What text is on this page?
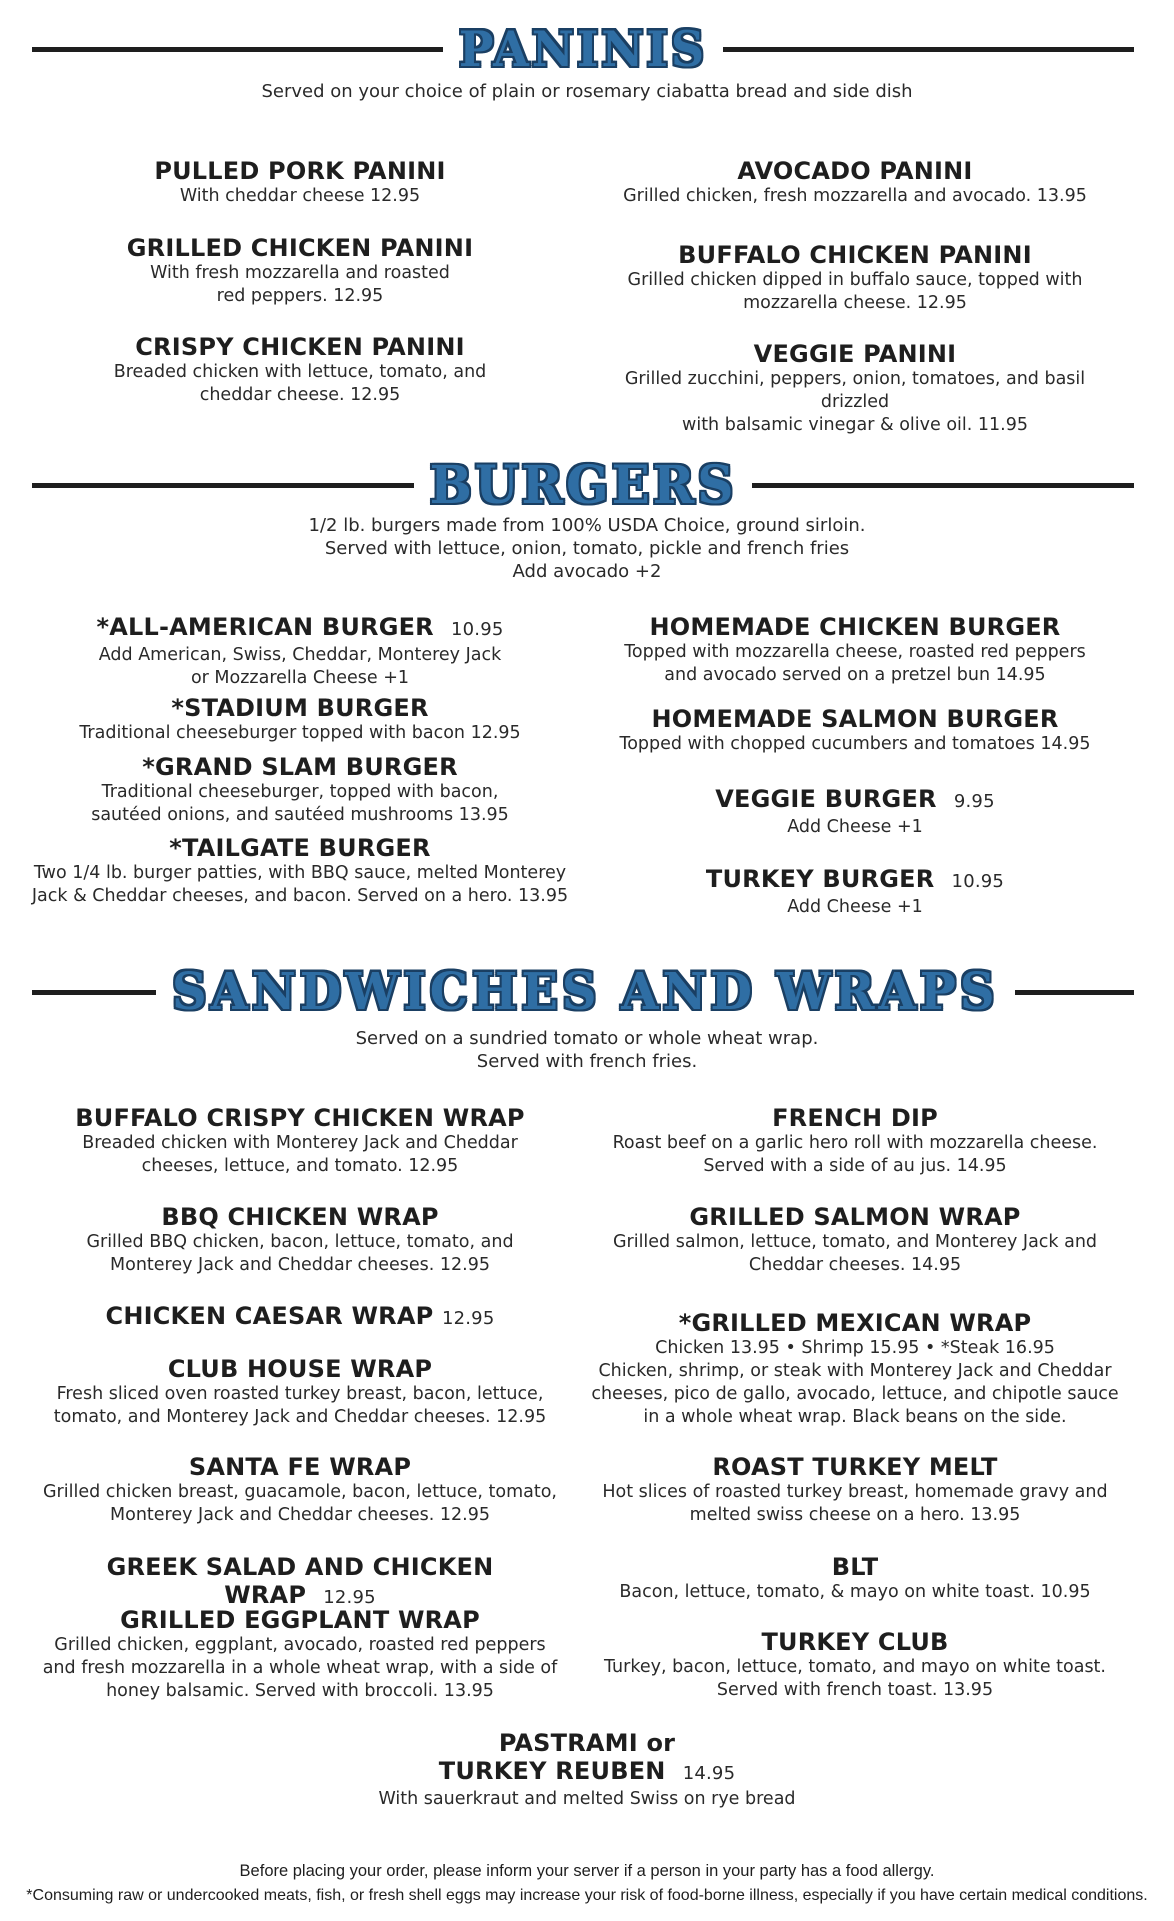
PANINIS
Served on your choice of plain or rosemary ciabatta bread and side dish
PULLED PORK PANINI
With cheddar cheese 12.95
GRILLED CHICKEN PANINI
With fresh mozzarella and roasted
red peppers. 12.95
CRISPY CHICKEN PANINI
Breaded chicken with lettuce, tomato, and
cheddar cheese. 12.95
AVOCADO PANINI
Grilled chicken, fresh mozzarella and avocado. 13.95
BUFFALO CHICKEN PANINI
Grilled chicken dipped in buffalo sauce, topped with
mozzarella cheese. 12.95
VEGGIE PANINI
Grilled zucchini, peppers, onion, tomatoes, and basil drizzled
with balsamic vinegar & olive oil. 11.95
BURGERS
1/2 lb. burgers made from 100% USDA Choice, ground sirloin.
Served with lettuce, onion, tomato, pickle and french fries
Add avocado +2
*ALL-AMERICAN BURGER 10.95
Add American, Swiss, Cheddar, Monterey Jack
or Mozzarella Cheese +1
*STADIUM BURGER
Traditional cheeseburger topped with bacon 12.95
*GRAND SLAM BURGER
Traditional cheeseburger, topped with bacon,
sautéed onions, and sautéed mushrooms 13.95
*TAILGATE BURGER
Two 1/4 lb. burger patties, with BBQ sauce, melted Monterey
Jack & Cheddar cheeses, and bacon. Served on a hero. 13.95
HOMEMADE CHICKEN BURGER
Topped with mozzarella cheese, roasted red peppers
and avocado served on a pretzel bun 14.95
HOMEMADE SALMON BURGER
Topped with chopped cucumbers and tomatoes 14.95
VEGGIE BURGER 9.95
Add Cheese +1
TURKEY BURGER 10.95
Add Cheese +1
SANDWICHES AND WRAPS
Served on a sundried tomato or whole wheat wrap.
Served with french fries.
BUFFALO CRISPY CHICKEN WRAP
Breaded chicken with Monterey Jack and Cheddar
cheeses, lettuce, and tomato. 12.95
BBQ CHICKEN WRAP
Grilled BBQ chicken, bacon, lettuce, tomato, and
Monterey Jack and Cheddar cheeses. 12.95
CHICKEN CAESAR WRAP 12.95
CLUB HOUSE WRAP
Fresh sliced oven roasted turkey breast, bacon, lettuce,
tomato, and Monterey Jack and Cheddar cheeses. 12.95
SANTA FE WRAP
Grilled chicken breast, guacamole, bacon, lettuce, tomato,
Monterey Jack and Cheddar cheeses. 12.95
GREEK SALAD AND CHICKEN WRAP 12.95
GRILLED EGGPLANT WRAP
Grilled chicken, eggplant, avocado, roasted red peppers
and fresh mozzarella in a whole wheat wrap, with a side of
honey balsamic. Served with broccoli. 13.95
FRENCH DIP
Roast beef on a garlic hero roll with mozzarella cheese.
Served with a side of au jus. 14.95
GRILLED SALMON WRAP
Grilled salmon, lettuce, tomato, and Monterey Jack and
Cheddar cheeses. 14.95
*GRILLED MEXICAN WRAP
Chicken 13.95 • Shrimp 15.95 • *Steak 16.95
Chicken, shrimp, or steak with Monterey Jack and Cheddar
cheeses, pico de gallo, avocado, lettuce, and chipotle sauce
in a whole wheat wrap. Black beans on the side.
ROAST TURKEY MELT
Hot slices of roasted turkey breast, homemade gravy and
melted swiss cheese on a hero. 13.95
BLT
Bacon, lettuce, tomato, & mayo on white toast. 10.95
TURKEY CLUB
Turkey, bacon, lettuce, tomato, and mayo on white toast.
Served with french toast. 13.95
PASTRAMI or
TURKEY REUBEN 14.95
With sauerkraut and melted Swiss on rye bread
Before placing your order, please inform your server if a person in your party has a food allergy.
*Consuming raw or undercooked meats, fish, or fresh shell eggs may increase your risk of food-borne illness, especially if you have certain medical conditions.
